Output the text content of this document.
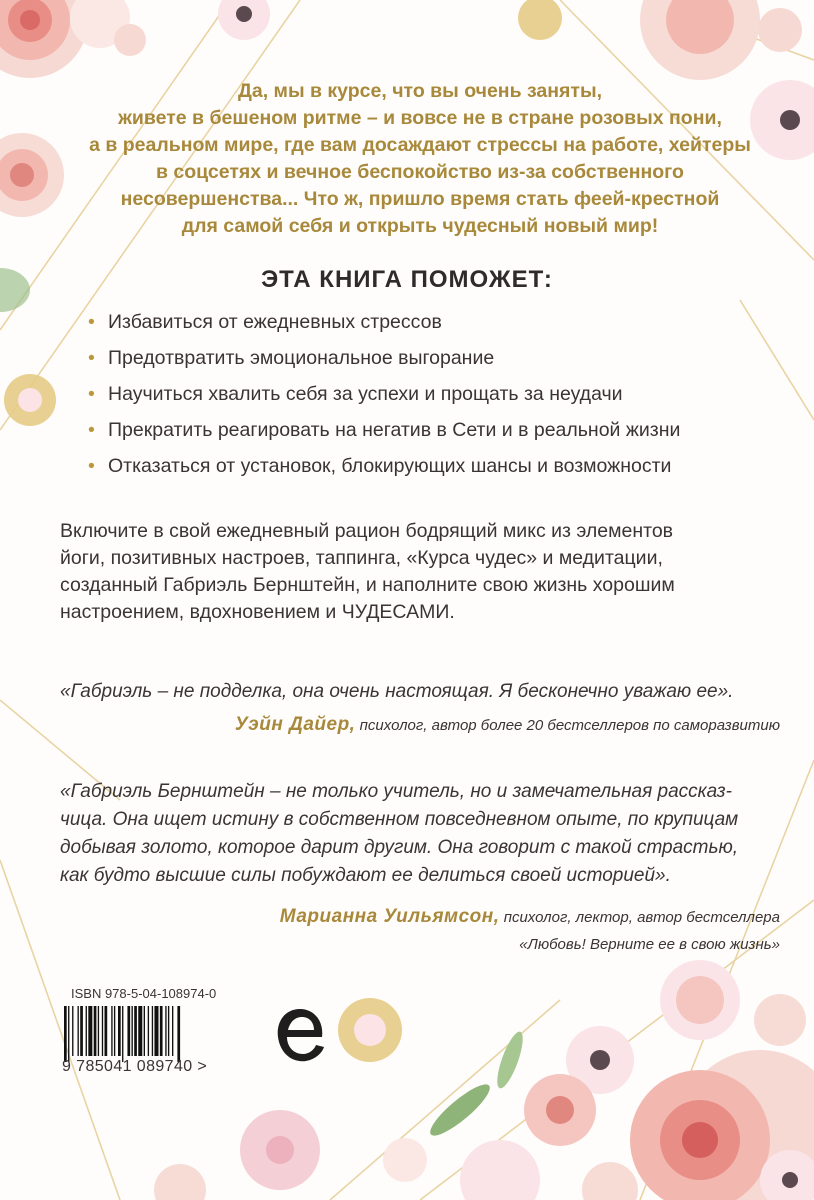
Да, мы в курсе, что вы очень заняты,
живете в бешеном ритме – и вовсе не в стране розовых пони,
а в реальном мире, где вам досаждают стрессы на работе, хейтеры
в соцсетях и вечное беспокойство из-за собственного
несовершенства... Что ж, пришло время стать феей-крестной
для самой себя и открыть чудесный новый мир!
ЭТА КНИГА ПОМОЖЕТ:
• Избавиться от ежедневных стрессов
• Предотвратить эмоциональное выгорание
• Научиться хвалить себя за успехи и прощать за неудачи
• Прекратить реагировать на негатив в Сети и в реальной жизни
• Отказаться от установок, блокирующих шансы и возможности
Включите в свой ежедневный рацион бодрящий микс из элементов
йоги, позитивных настроев, таппинга, «Курса чудес» и медитации,
созданный Габриэль Бернштейн, и наполните свою жизнь хорошим
настроением, вдохновением и ЧУДЕСАМИ.
«Габриэль – не подделка, она очень настоящая. Я бесконечно уважаю ее».
Уэйн Дайер, психолог, автор более 20 бестселлеров по саморазвитию
«Габриэль Бернштейн – не только учитель, но и замечательная рассказ-
чица. Она ищет истину в собственном повседневном опыте, по крупицам
добывая золото, которое дарит другим. Она говорит с такой страстью,
как будто высшие силы побуждают ее делиться своей историей».
Марианна Уильямсон, психолог, лектор, автор бестселлера
«Любовь! Верните ее в свою жизнь»
ISBN 978-5-04-108974-0
9 785041 089740 >
